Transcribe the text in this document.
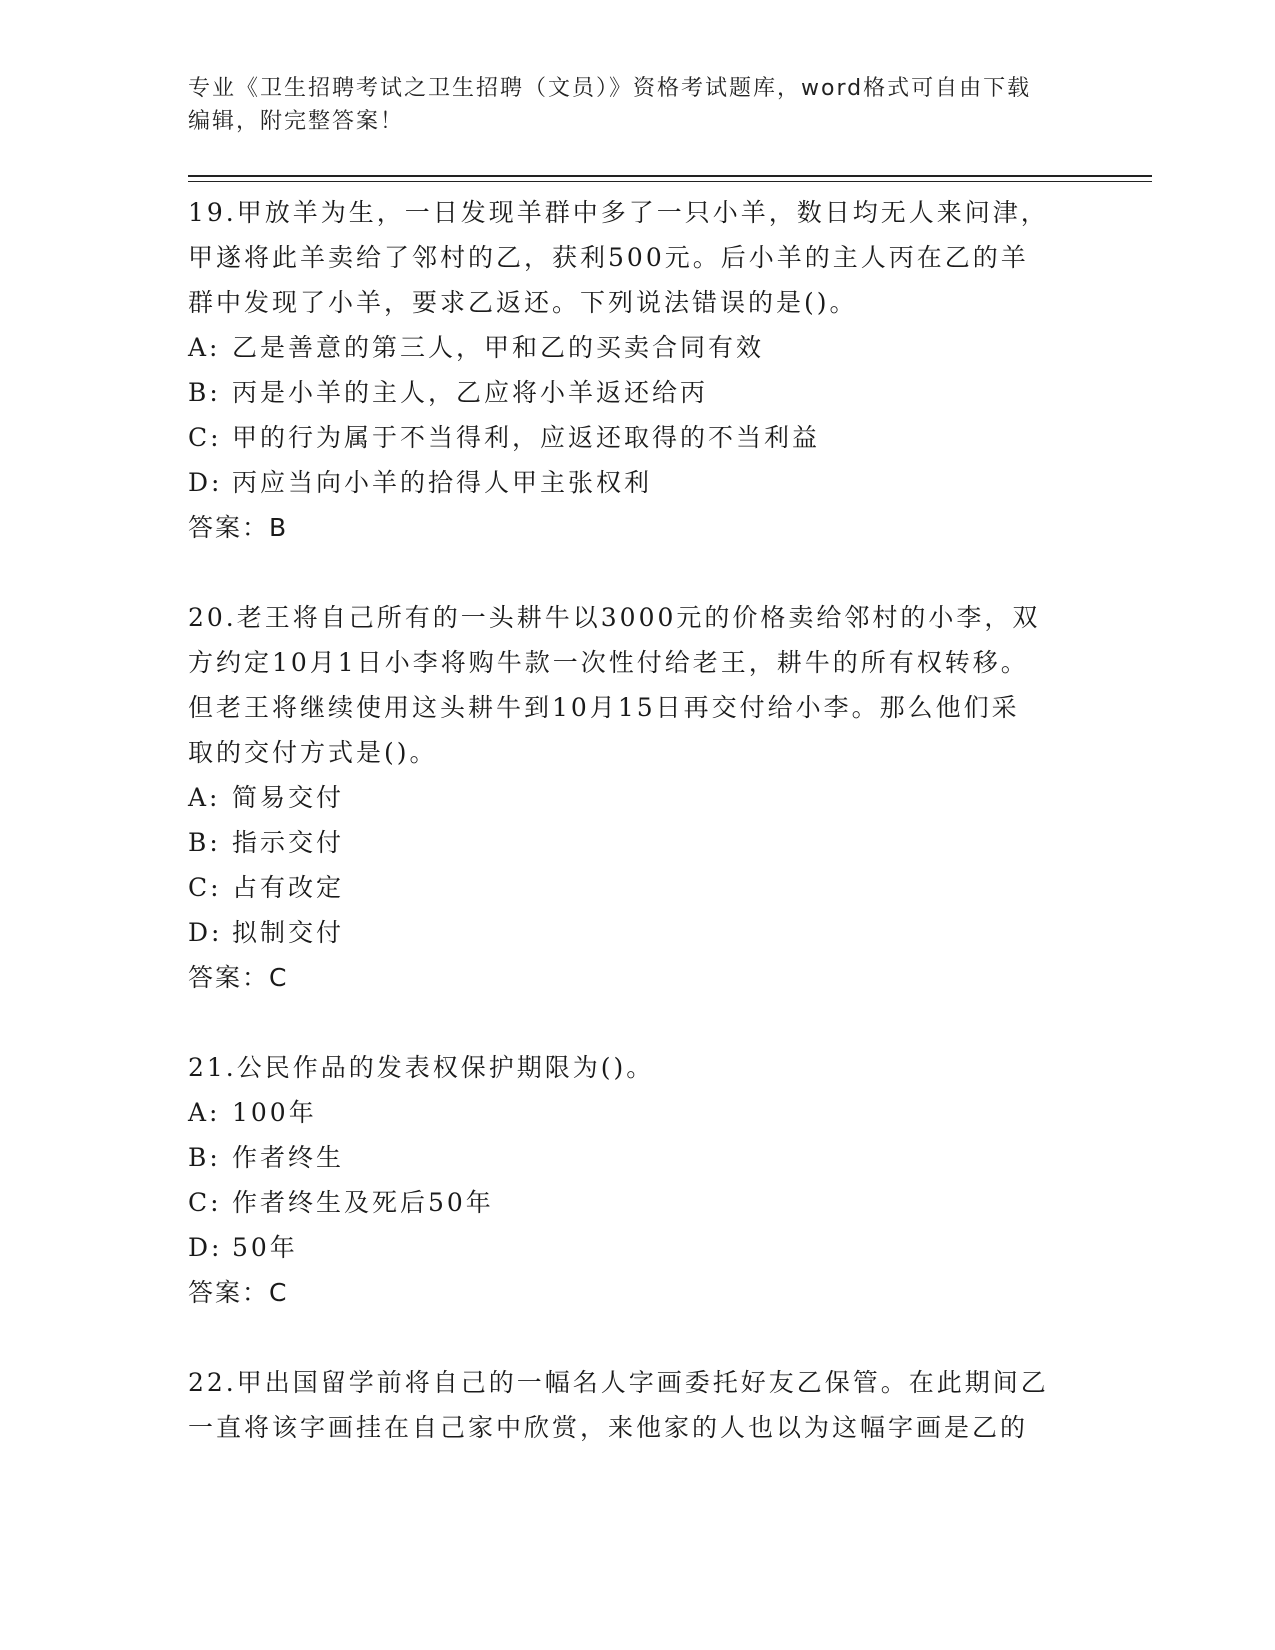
专业《卫生招聘考试之卫生招聘（文员）》资格考试题库，word格式可自由下载
编辑，附完整答案！

19.甲放羊为生，一日发现羊群中多了一只小羊，数日均无人来问津，

甲遂将此羊卖给了邻村的乙，获利500元。后小羊的主人丙在乙的羊

群中发现了小羊，要求乙返还。下列说法错误的是()。

A: 乙是善意的第三人，甲和乙的买卖合同有效

B: 丙是小羊的主人，乙应将小羊返还给丙

C: 甲的行为属于不当得利，应返还取得的不当利益

D: 丙应当向小羊的拾得人甲主张权利

答案：B

20.老王将自己所有的一头耕牛以3000元的价格卖给邻村的小李，双

方约定10月1日小李将购牛款一次性付给老王，耕牛的所有权转移。

但老王将继续使用这头耕牛到10月15日再交付给小李。那么他们采

取的交付方式是()。

A: 简易交付

B: 指示交付

C: 占有改定

D: 拟制交付

答案：C

21.公民作品的发表权保护期限为()。

A: 100年

B: 作者终生

C: 作者终生及死后50年

D: 50年

答案：C

22.甲出国留学前将自己的一幅名人字画委托好友乙保管。在此期间乙

一直将该字画挂在自己家中欣赏，来他家的人也以为这幅字画是乙的
